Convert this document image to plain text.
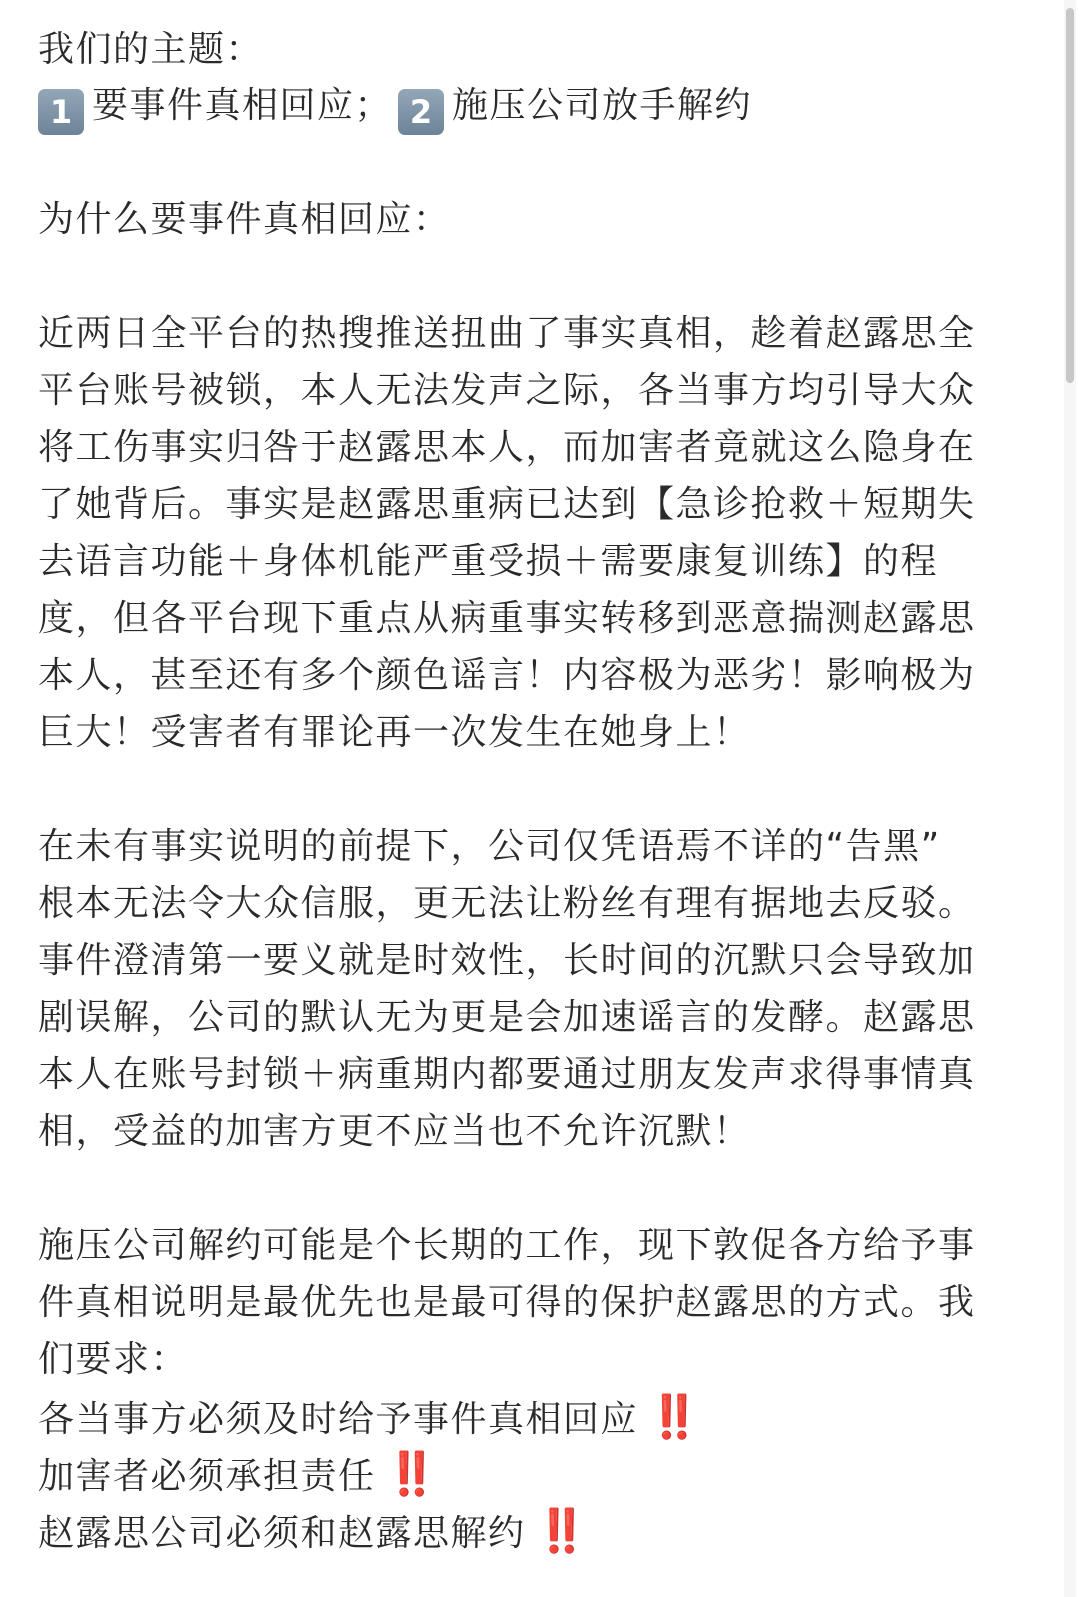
我们的主题：
1 要事件真相回应； 2 施压公司放手解约
为什么要事件真相回应：
近两日全平台的热搜推送扭曲了事实真相，趁着赵露思全
平台账号被锁，本人无法发声之际，各当事方均引导大众
将工伤事实归咎于赵露思本人，而加害者竟就这么隐身在
了她背后。事实是赵露思重病已达到【急诊抢救＋短期失
去语言功能＋身体机能严重受损＋需要康复训练】的程
度，但各平台现下重点从病重事实转移到恶意揣测赵露思
本人，甚至还有多个颜色谣言！内容极为恶劣！影响极为
巨大！受害者有罪论再一次发生在她身上！
在未有事实说明的前提下，公司仅凭语焉不详的“告黑”
根本无法令大众信服，更无法让粉丝有理有据地去反驳。
事件澄清第一要义就是时效性，长时间的沉默只会导致加
剧误解，公司的默认无为更是会加速谣言的发酵。赵露思
本人在账号封锁＋病重期内都要通过朋友发声求得事情真
相，受益的加害方更不应当也不允许沉默！
施压公司解约可能是个长期的工作，现下敦促各方给予事
件真相说明是最优先也是最可得的保护赵露思的方式。我
们要求：
各当事方必须及时给予事件真相回应 ‼️
加害者必须承担责任 ‼️
赵露思公司必须和赵露思解约 ‼️
